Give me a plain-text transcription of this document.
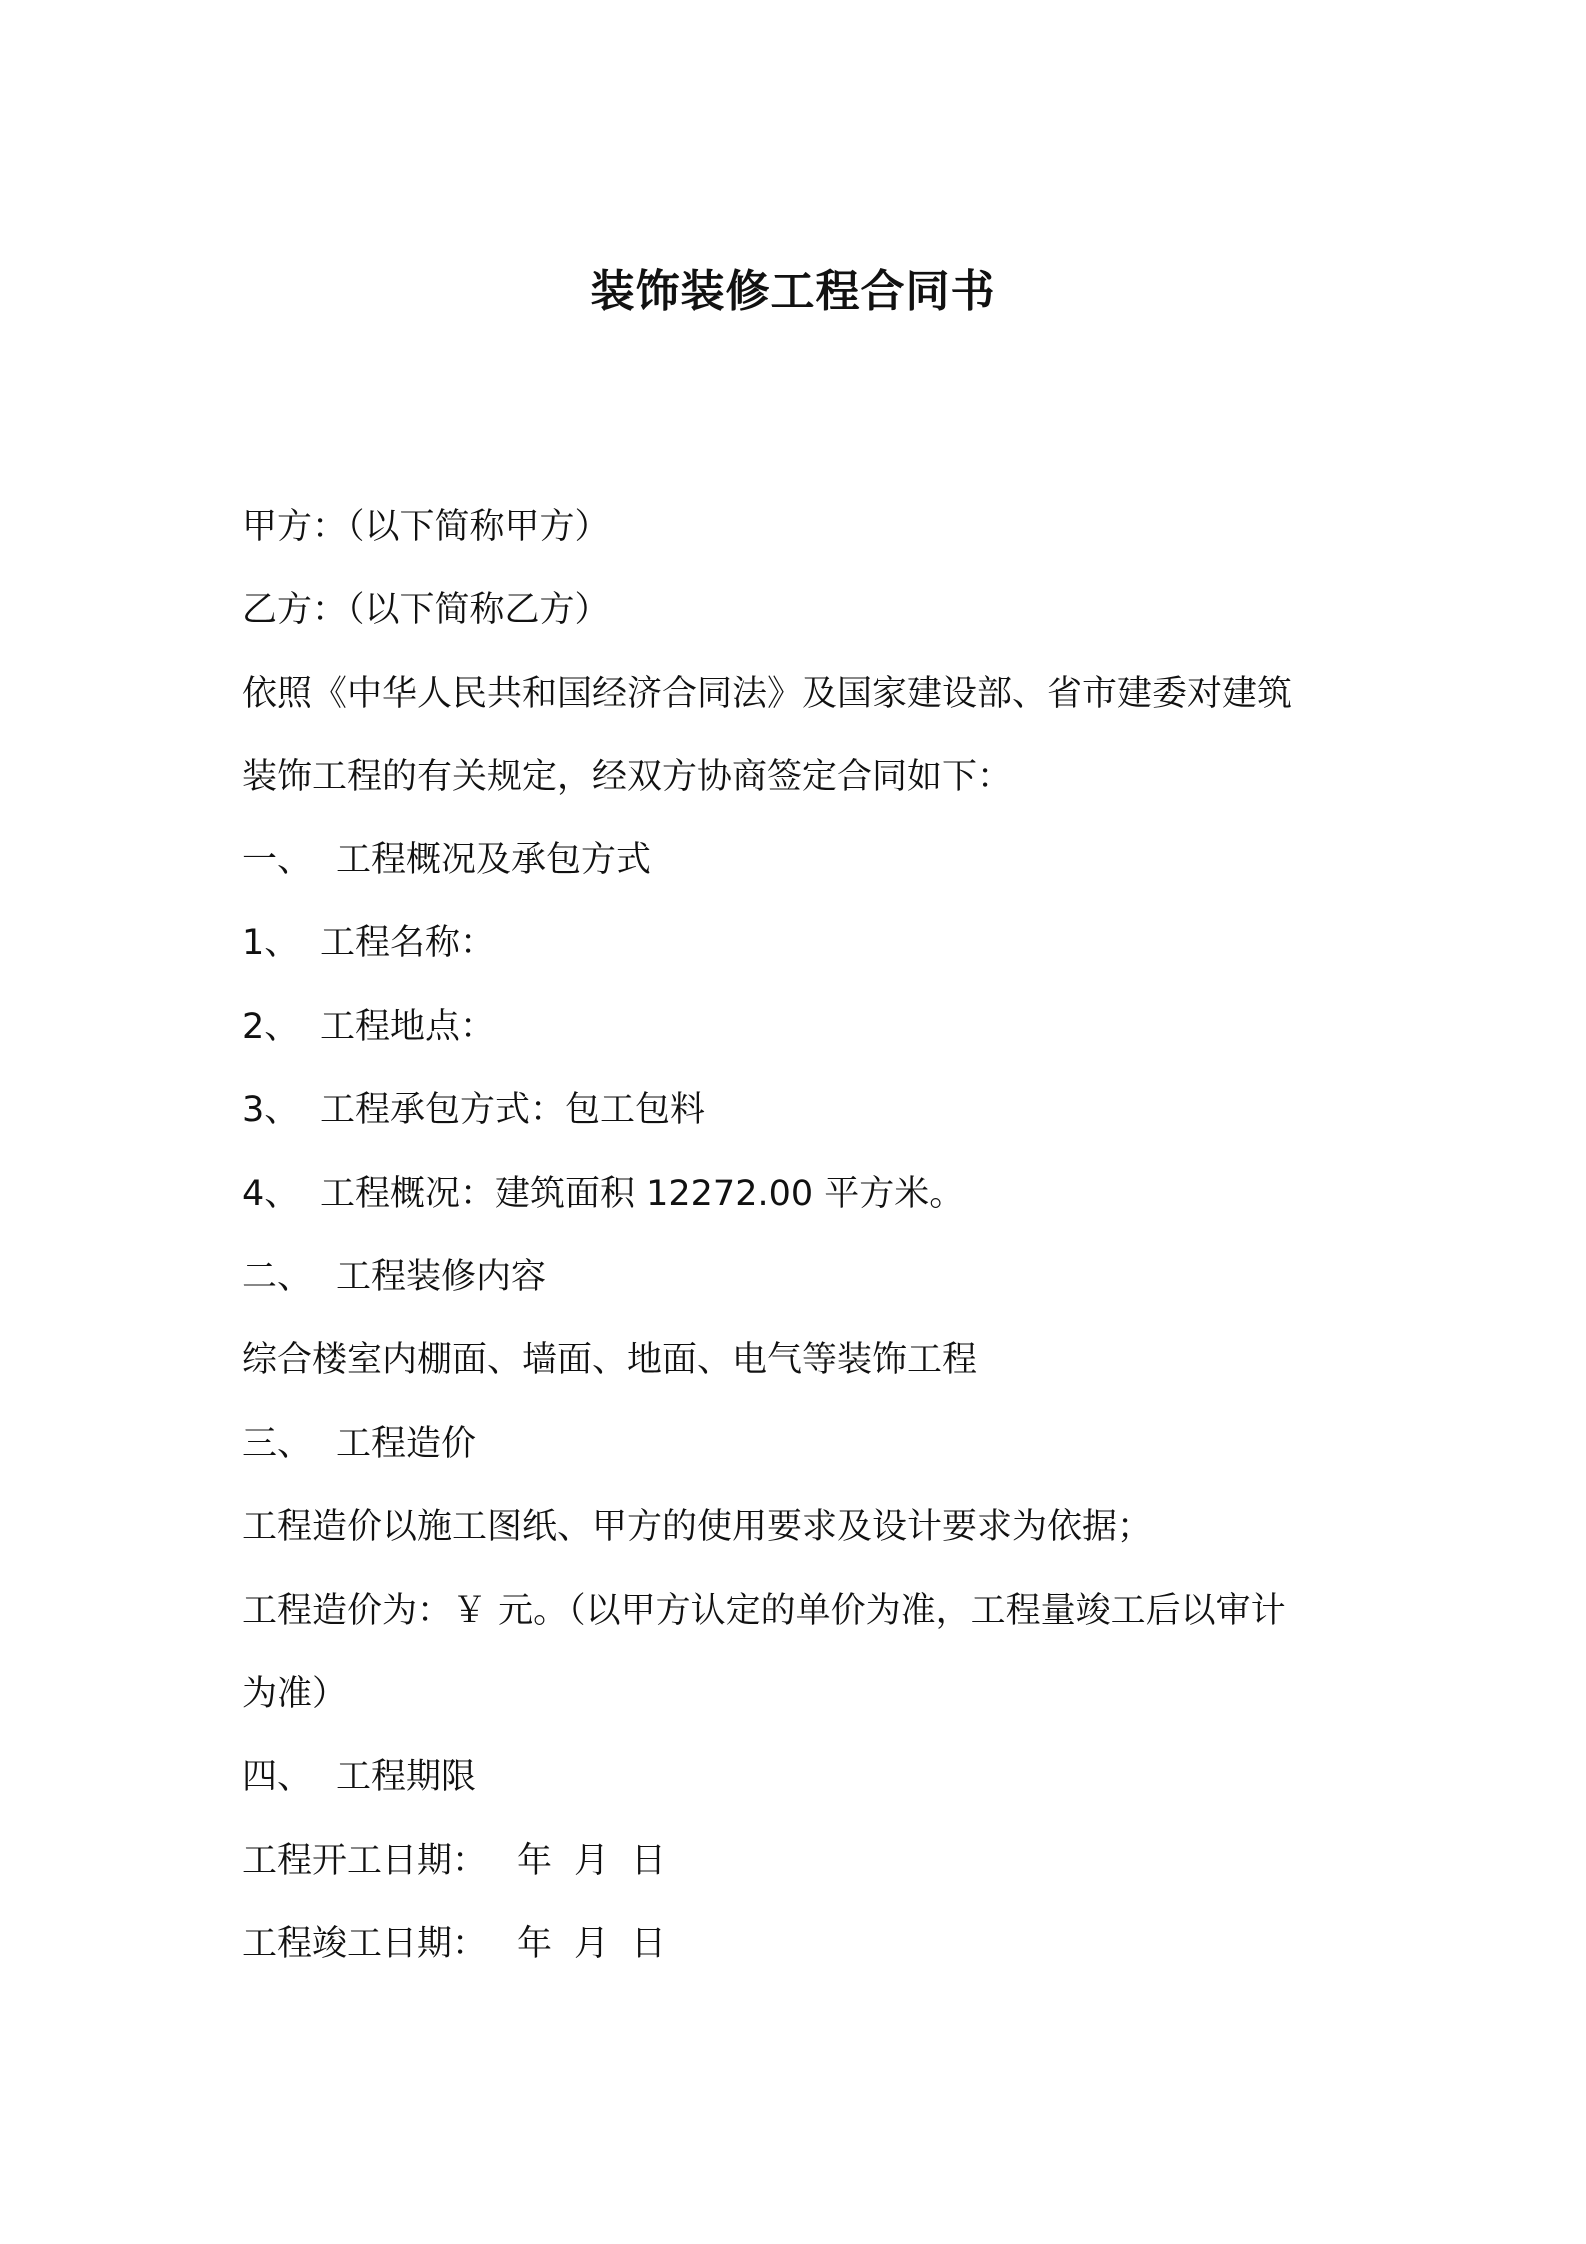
装饰装修工程合同书
甲方：（以下简称甲方）
乙方：（以下简称乙方）
依照《中华人民共和国经济合同法》及国家建设部、省市建委对建筑
装饰工程的有关规定，经双方协商签定合同如下：
一、 工程概况及承包方式
1、 工程名称：
2、 工程地点：
3、 工程承包方式：包工包料
4、 工程概况：建筑面积 12272.00 平方米。
二、 工程装修内容
综合楼室内棚面、墙面、地面、电气等装饰工程
三、 工程造价
工程造价以施工图纸、甲方的使用要求及设计要求为依据；
工程造价为：￥ 元。（以甲方认定的单价为准，工程量竣工后以审计
为准）
四、 工程期限
工程开工日期： 年 月 日
工程竣工日期： 年 月 日
